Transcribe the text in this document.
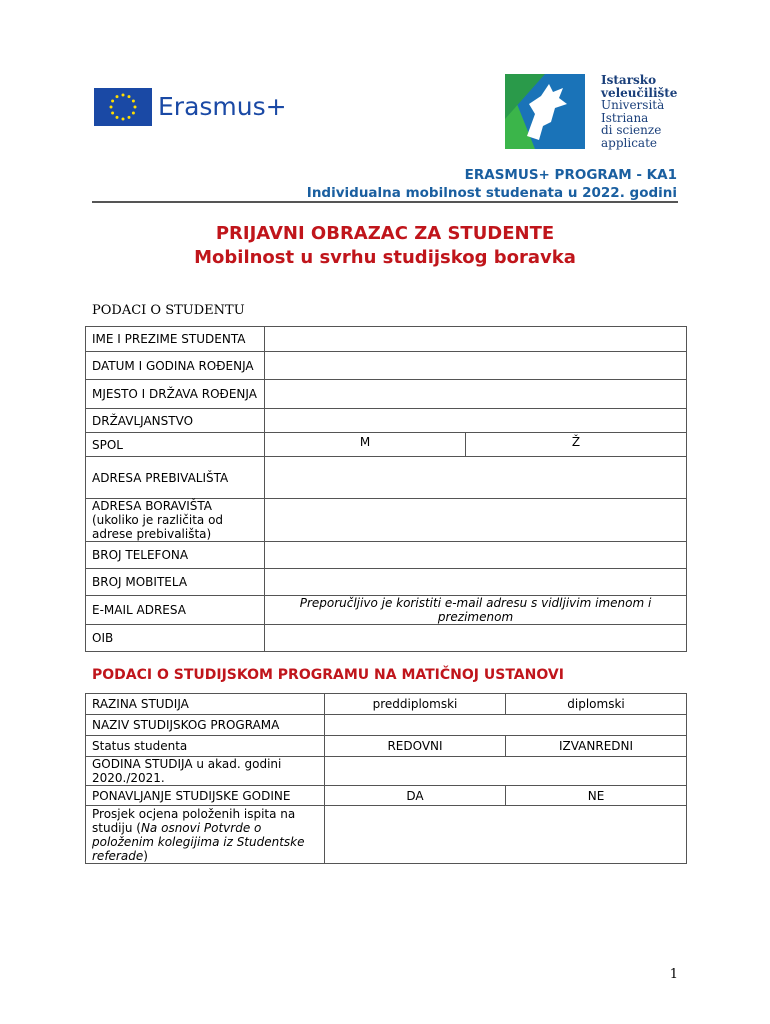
Erasmus+
Istarsko
veleučilište
Università
Istriana
di scienze
applicate
ERASMUS+ PROGRAM - KA1
Individualna mobilnost studenata u 2022. godini
PRIJAVNI OBRAZAC ZA STUDENTE
Mobilnost u svrhu studijskog boravka
PODACI O STUDENTU
IME I PREZIME STUDENTA		
DATUM I GODINA ROĐENJA		
MJESTO I DRŽAVA ROĐENJA		
DRŽAVLJANSTVO		
SPOL	M	Ž
ADRESA PREBIVALIŠTA		
ADRESA BORAVIŠTA (ukoliko je različita od adrese prebivališta)		
BROJ TELEFONA		
BROJ MOBITELA		
E-MAIL ADRESA	Preporučljivo je koristiti e-mail adresu s vidljivim imenom i prezimenom	
OIB		
PODACI O STUDIJSKOM PROGRAMU NA MATIČNOJ USTANOVI
RAZINA STUDIJA	preddiplomski	diplomski
NAZIV STUDIJSKOG PROGRAMA		
Status studenta	REDOVNI	IZVANREDNI
GODINA STUDIJA u akad. godini 2020./2021.		
PONAVLJANJE STUDIJSKE GODINE	DA	NE
Prosjek ocjena položenih ispita na studiju (Na osnovi Potvrde o položenim kolegijima iz Studentske referade)		
1
